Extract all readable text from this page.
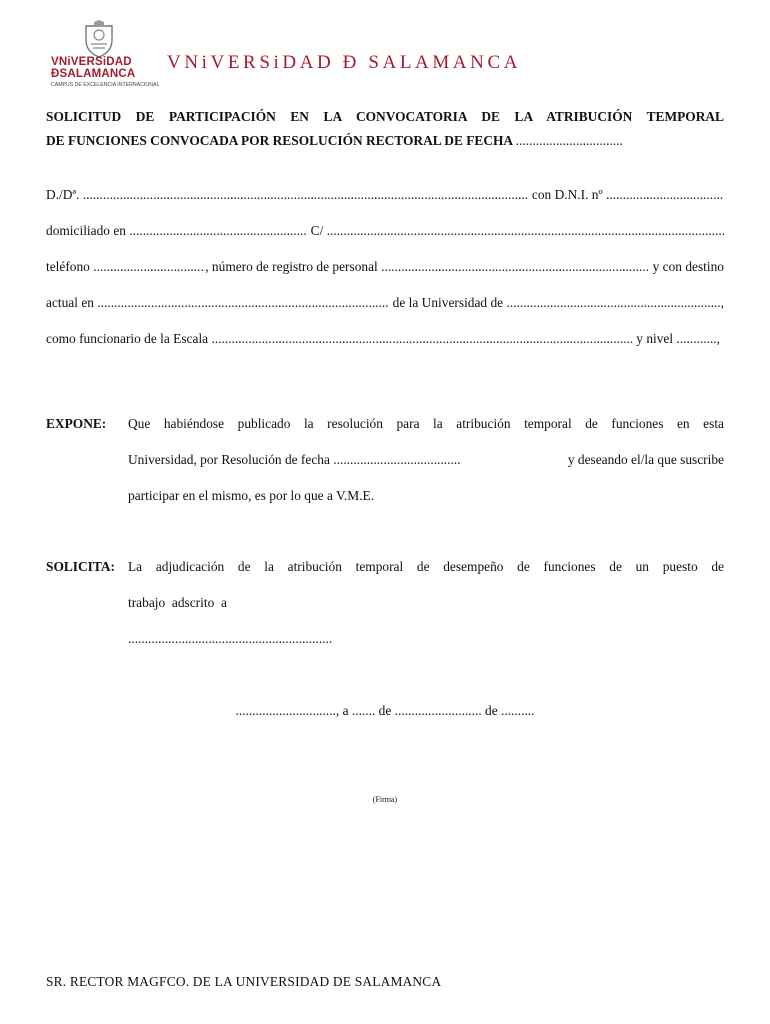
VNiVERSiDAD
ÐSALAMANCA
CAMPUS DE EXCELENCIA INTERNACIONAL
VNiVERSiDAD Ð SALAMANCA
SOLICITUD DE PARTICIPACIÓN EN LA CONVOCATORIA DE LA ATRIBUCIÓN TEMPORAL
DE FUNCIONES CONVOCADA POR RESOLUCIÓN RECTORAL DE FECHA ................................
D./Dª.
.....
	con D.N.I. nº

.....
domiciliado en
.....
	C/

.....
teléfono
.....	, número de registro de personal
.....
	y con destino
actual en
.....
	de la Universidad de
.....	,
como funcionario de la Escala
.....
	y nivel
............,
EXPONE: Que habiéndose publicado la resolución para la atribución temporal de funciones en esta
Universidad, por Resolución de fecha
......................................	y deseando el/la que suscribe
participar en el mismo, es por lo que a V.M.E.
SOLICITA: La adjudicación de la atribución temporal de desempeño de funciones de un puesto de
trabajo  adscrito  a

.............................................................
.............................., a ....... de .......................... de ..........
(Firma)
SR. RECTOR MAGFCO. DE LA UNIVERSIDAD DE SALAMANCA
